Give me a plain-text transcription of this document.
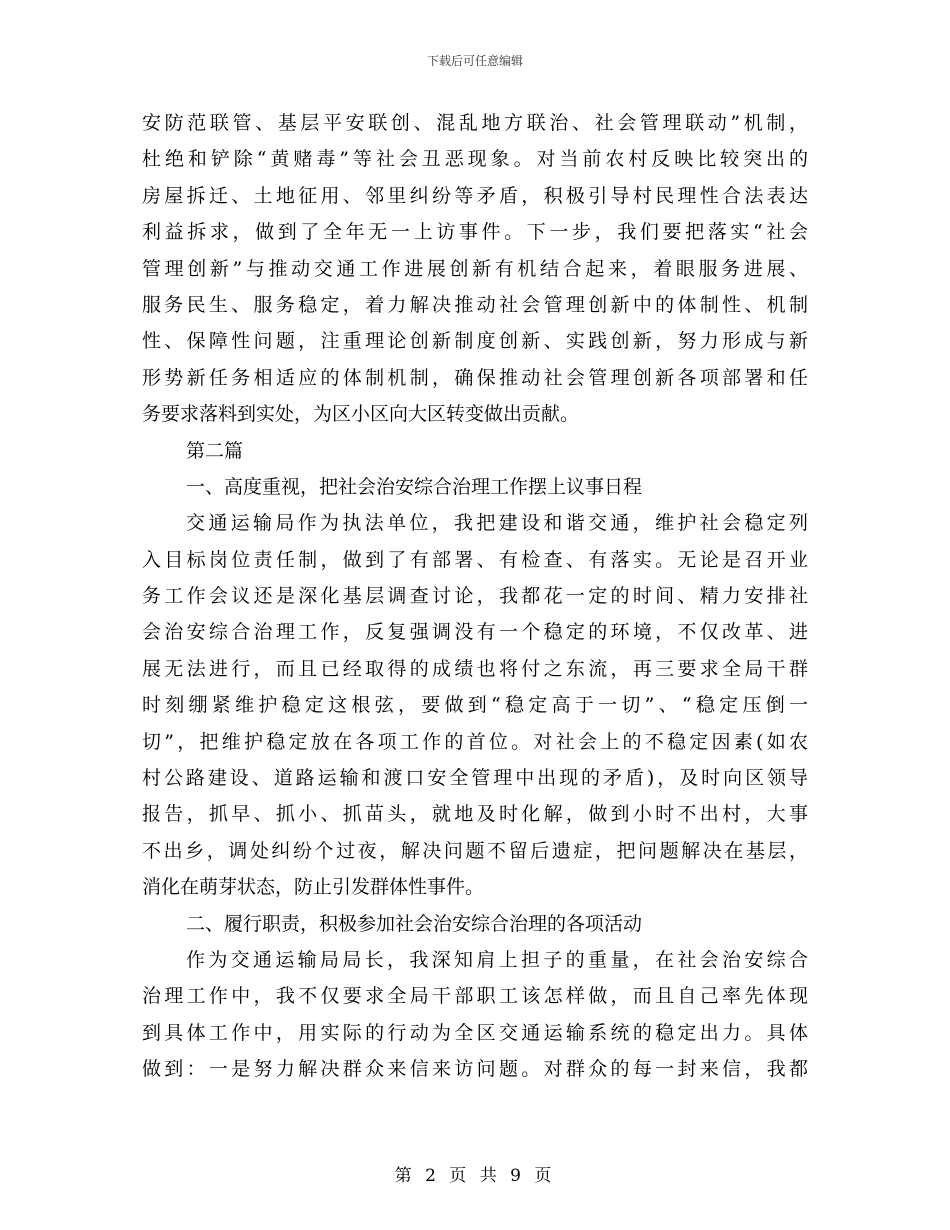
下载后可任意编辑
安防范联管、基层平安联创、混乱地方联治、社会管理联动”机制，
杜绝和铲除“黄赌毒”等社会丑恶现象。对当前农村反映比较突出的
房屋拆迁、土地征用、邻里纠纷等矛盾，积极引导村民理性合法表达
利益拆求，做到了全年无一上访事件。下一步，我们要把落实“社会
管理创新”与推动交通工作进展创新有机结合起来，着眼服务进展、
服务民生、服务稳定，着力解决推动社会管理创新中的体制性、机制
性、保障性问题，注重理论创新制度创新、实践创新，努力形成与新
形势新任务相适应的体制机制，确保推动社会管理创新各项部署和任
务要求落料到实处，为区小区向大区转变做出贡献。
第二篇
一、高度重视，把社会治安综合治理工作摆上议事日程
交通运输局作为执法单位，我把建设和谐交通，维护社会稳定列
入目标岗位责任制，做到了有部署、有检查、有落实。无论是召开业
务工作会议还是深化基层调查讨论，我都花一定的时间、精力安排社
会治安综合治理工作，反复强调没有一个稳定的环境，不仅改革、进
展无法进行，而且已经取得的成绩也将付之东流，再三要求全局干群
时刻绷紧维护稳定这根弦，要做到“稳定高于一切”、“稳定压倒一
切”，把维护稳定放在各项工作的首位。对社会上的不稳定因素(如农
村公路建设、道路运输和渡口安全管理中出现的矛盾)，及时向区领导
报告，抓早、抓小、抓苗头，就地及时化解，做到小时不出村，大事
不出乡，调处纠纷个过夜，解决问题不留后遗症，把问题解决在基层，
消化在萌芽状态，防止引发群体性事件。
二、履行职责，积极参加社会治安综合治理的各项活动
作为交通运输局局长，我深知肩上担子的重量，在社会治安综合
治理工作中，我不仅要求全局干部职工该怎样做，而且自己率先体现
到具体工作中，用实际的行动为全区交通运输系统的稳定出力。具体
做到：一是努力解决群众来信来访问题。对群众的每一封来信，我都
第 2 页 共 9 页
